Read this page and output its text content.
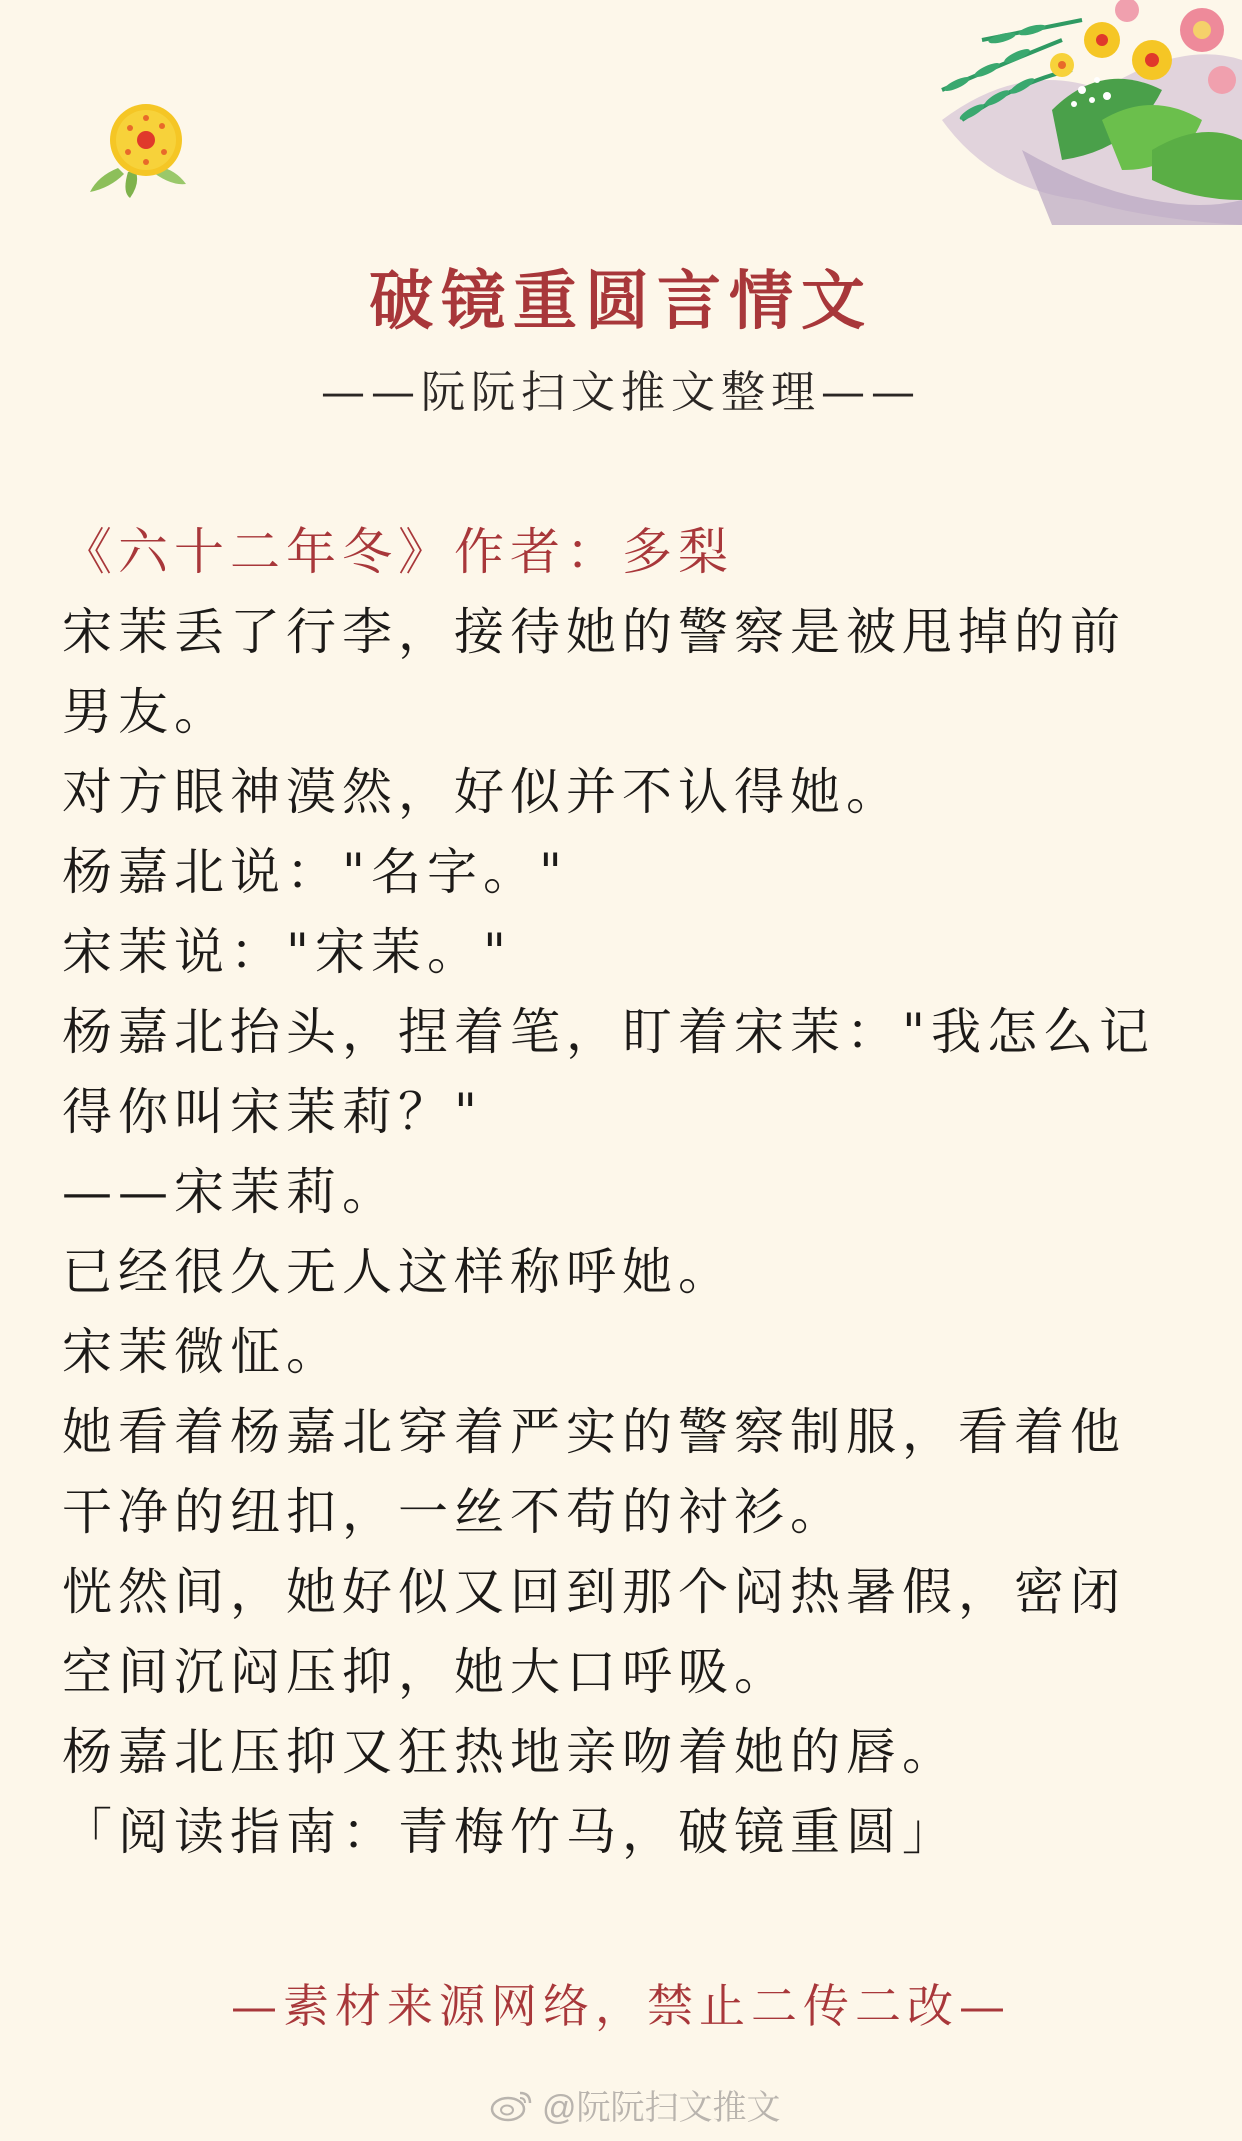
破镜重圆言情文
——阮阮扫文推文整理——
《六十二年冬》作者：多梨
宋茉丢了行李，接待她的警察是被甩掉的前
男友。
对方眼神漠然，好似并不认得她。
杨嘉北说："名字。"
宋茉说："宋茉。"
杨嘉北抬头，捏着笔，盯着宋茉："我怎么记
得你叫宋茉莉？"
——宋茉莉。
已经很久无人这样称呼她。
宋茉微怔。
她看着杨嘉北穿着严实的警察制服，看着他
干净的纽扣，一丝不苟的衬衫。
恍然间，她好似又回到那个闷热暑假，密闭
空间沉闷压抑，她大口呼吸。
杨嘉北压抑又狂热地亲吻着她的唇。
「阅读指南：青梅竹马，破镜重圆」
—素材来源网络，禁止二传二改—
@阮阮扫文推文
